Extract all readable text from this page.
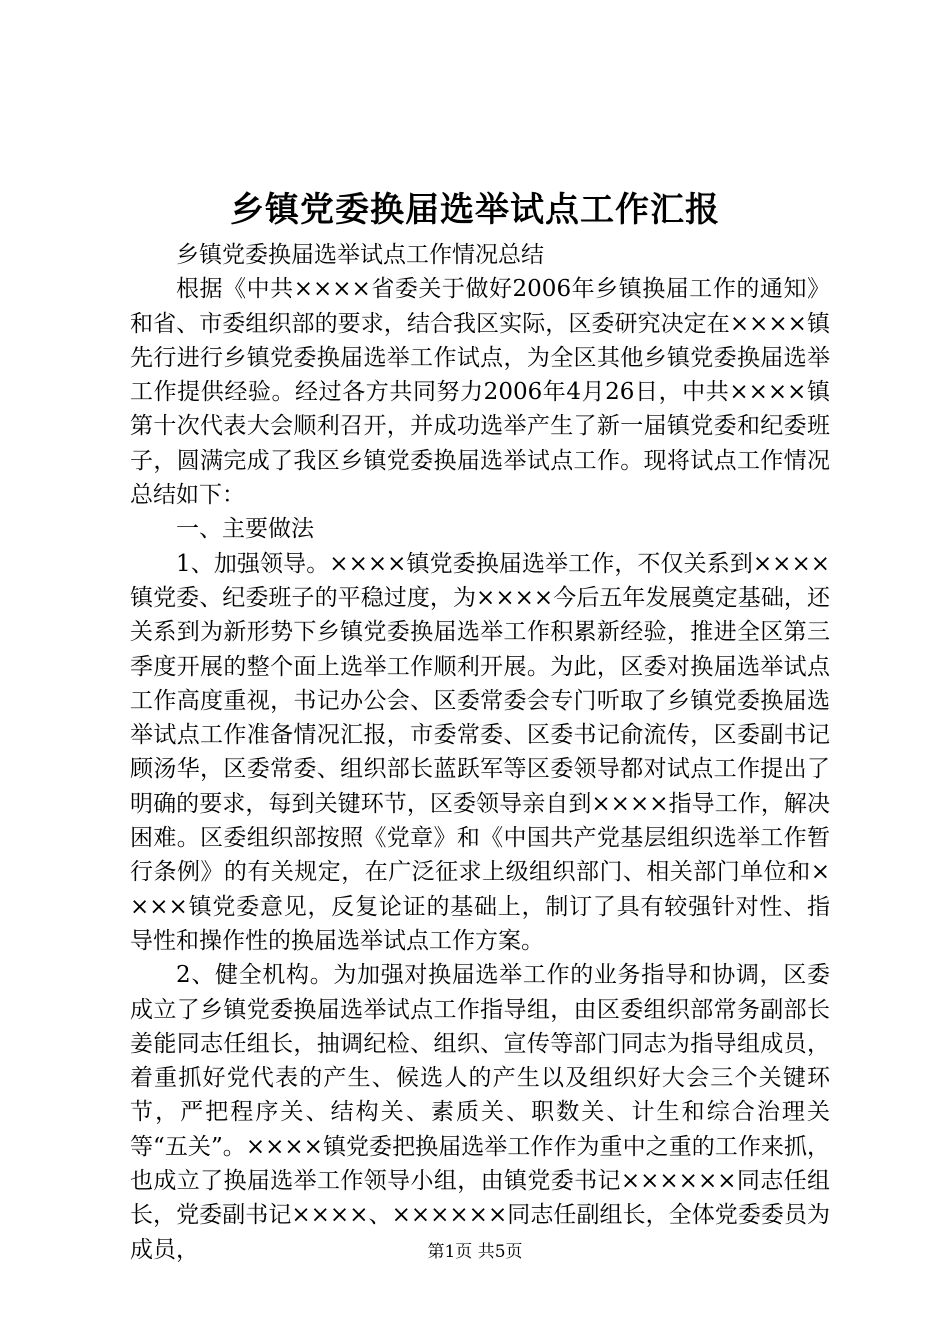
乡镇党委换届选举试点工作汇报

乡镇党委换届选举试点工作情况总结

根据《中共××××省委关于做好2006年乡镇换届工作的通知》和省、市委组织部的要求，结合我区实际，区委研究决定在××××镇先行进行乡镇党委换届选举工作试点，为全区其他乡镇党委换届选举工作提供经验。经过各方共同努力2006年4月26日，中共××××镇第十次代表大会顺利召开，并成功选举产生了新一届镇党委和纪委班子，圆满完成了我区乡镇党委换届选举试点工作。现将试点工作情况总结如下：

一、主要做法

1、加强领导。××××镇党委换届选举工作，不仅关系到××××镇党委、纪委班子的平稳过度，为××××今后五年发展奠定基础，还关系到为新形势下乡镇党委换届选举工作积累新经验，推进全区第三季度开展的整个面上选举工作顺利开展。为此，区委对换届选举试点工作高度重视，书记办公会、区委常委会专门听取了乡镇党委换届选举试点工作准备情况汇报，市委常委、区委书记俞流传，区委副书记顾汤华，区委常委、组织部长蓝跃军等区委领导都对试点工作提出了明确的要求，每到关键环节，区委领导亲自到××××指导工作，解决困难。区委组织部按照《党章》和《中国共产党基层组织选举工作暂行条例》的有关规定，在广泛征求上级组织部门、相关部门单位和××××镇党委意见，反复论证的基础上，制订了具有较强针对性、指导性和操作性的换届选举试点工作方案。

2、健全机构。为加强对换届选举工作的业务指导和协调，区委成立了乡镇党委换届选举试点工作指导组，由区委组织部常务副部长姜能同志任组长，抽调纪检、组织、宣传等部门同志为指导组成员，着重抓好党代表的产生、候选人的产生以及组织好大会三个关键环节，严把程序关、结构关、素质关、职数关、计生和综合治理关等“五关”。××××镇党委把换届选举工作作为重中之重的工作来抓，也成立了换届选举工作领导小组，由镇党委书记××××××同志任组长，党委副书记××××、××××××同志任副组长，全体党委委员为成员，	第1页 共5页
